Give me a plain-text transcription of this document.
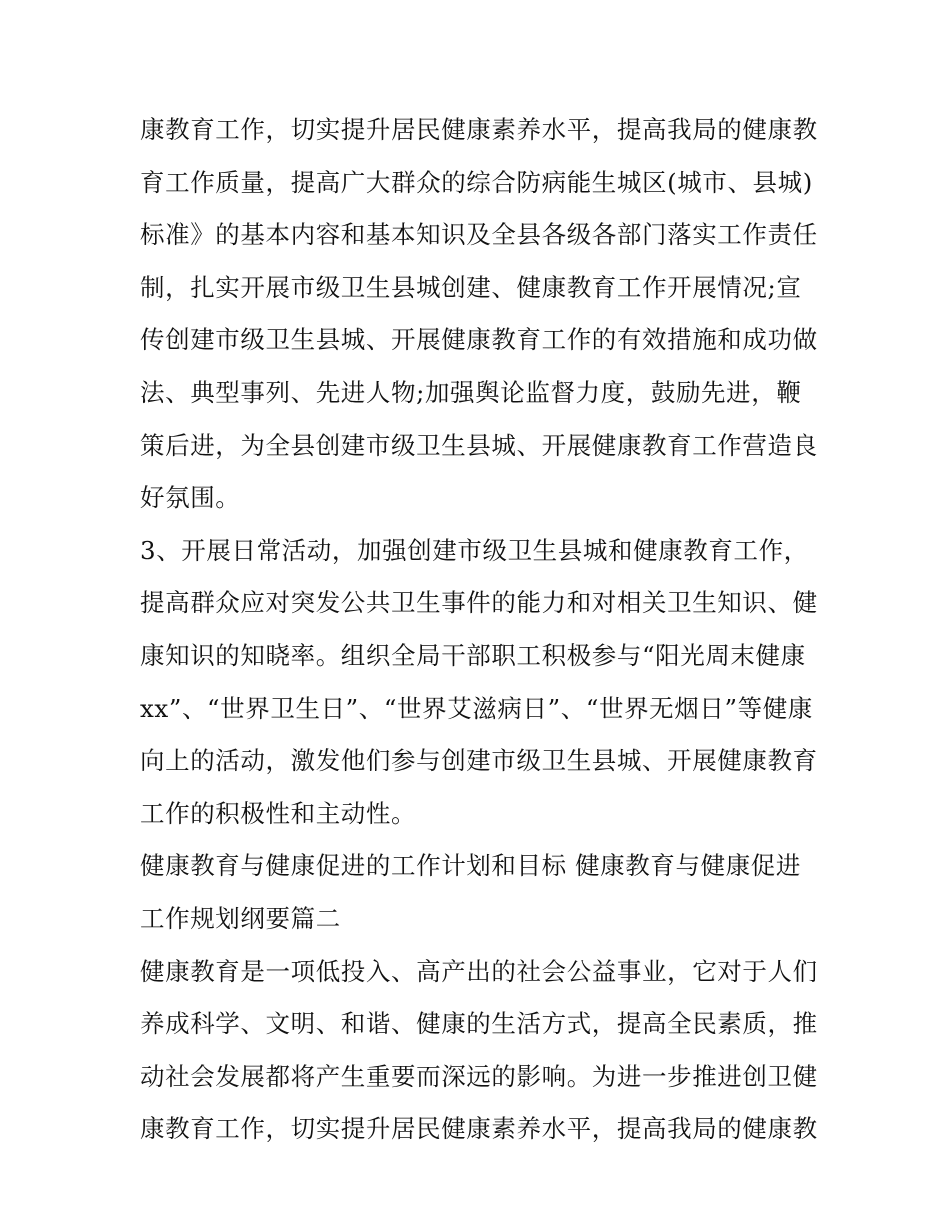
康教育工作，切实提升居民健康素养水平，提高我局的健康教
育工作质量，提高广大群众的综合防病能生城区(城市、县城)
标准》的基本内容和基本知识及全县各级各部门落实工作责任
制，扎实开展市级卫生县城创建、健康教育工作开展情况;宣
传创建市级卫生县城、开展健康教育工作的有效措施和成功做
法、典型事列、先进人物;加强舆论监督力度，鼓励先进，鞭
策后进，为全县创建市级卫生县城、开展健康教育工作营造良
好氛围。
3、开展日常活动，加强创建市级卫生县城和健康教育工作，
提高群众应对突发公共卫生事件的能力和对相关卫生知识、健
康知识的知晓率。组织全局干部职工积极参与“阳光周末健康
xx”、“世界卫生日”、“世界艾滋病日”、“世界无烟日”等健康
向上的活动，激发他们参与创建市级卫生县城、开展健康教育
工作的积极性和主动性。
健康教育与健康促进的工作计划和目标 健康教育与健康促进
工作规划纲要篇二
健康教育是一项低投入、高产出的社会公益事业，它对于人们
养成科学、文明、和谐、健康的生活方式，提高全民素质，推
动社会发展都将产生重要而深远的影响。为进一步推进创卫健
康教育工作，切实提升居民健康素养水平，提高我局的健康教
